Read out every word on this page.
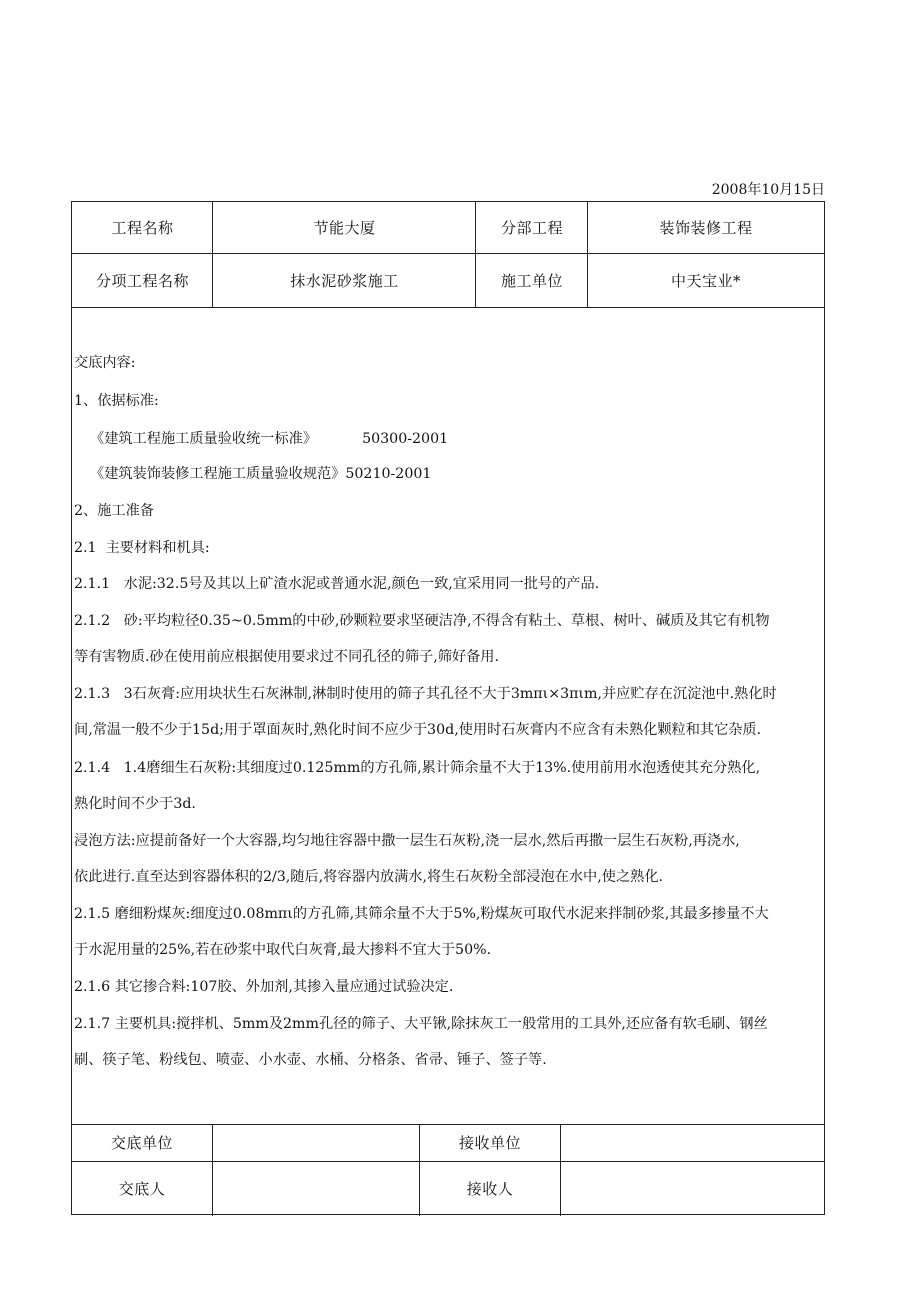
2008年10月15日
工程名称	节能大厦	分部工程	装饰装修工程
分项工程名称	抹水泥砂浆施工	施工单位	中天宝业*
交底内容:
1、依据标准:
《建筑工程施工质量验收统一标准》          50300-2001
《建筑装饰装修工程施工质量验收规范》50210-2001
2、施工准备
2.1  主要材料和机具:
2.1.1   水泥:32.5号及其以上矿渣水泥或普通水泥,颜色一致,宜采用同一批号的产品.
2.1.2   砂:平均粒径0.35~0.5mm的中砂,砂颗粒要求坚硬洁净,不得含有粘土、草根、树叶、碱质及其它有机物
等有害物质.砂在使用前应根据使用要求过不同孔径的筛子,筛好备用.
2.1.3   3石灰膏:应用块状生石灰淋制,淋制时使用的筛子其孔径不大于3mπι×3πιm,并应贮存在沉淀池中.熟化时
间,常温一般不少于15d;用于罩面灰时,熟化时间不应少于30d,使用时石灰膏内不应含有未熟化颗粒和其它杂质.
2.1.4   1.4磨细生石灰粉:其细度过0.125mm的方孔筛,累计筛余量不大于13%.使用前用水泡透使其充分熟化,
熟化时间不少于3d.
浸泡方法:应提前备好一个大容器,均匀地往容器中撒一层生石灰粉,浇一层水,然后再撒一层生石灰粉,再浇水,
依此进行.直至达到容器体积的2/3,随后,将容器内放满水,将生石灰粉全部浸泡在水中,使之熟化.
2.1.5 磨细粉煤灰:细度过0.08mπι的方孔筛,其筛余量不大于5%,粉煤灰可取代水泥来拌制砂浆,其最多掺量不大
于水泥用量的25%,若在砂浆中取代白灰膏,最大掺料不宜大于50%.
2.1.6 其它掺合料:107胶、外加剂,其掺入量应通过试验决定.
2.1.7 主要机具:搅拌机、5mm及2mm孔径的筛子、大平锹,除抹灰工一般常用的工具外,还应备有软毛刷、钢丝
刷、筷子笔、粉线包、喷壶、小水壶、水桶、分格条、省帚、锤子、签子等.
交底单位	接收单位
交底人	接收人
